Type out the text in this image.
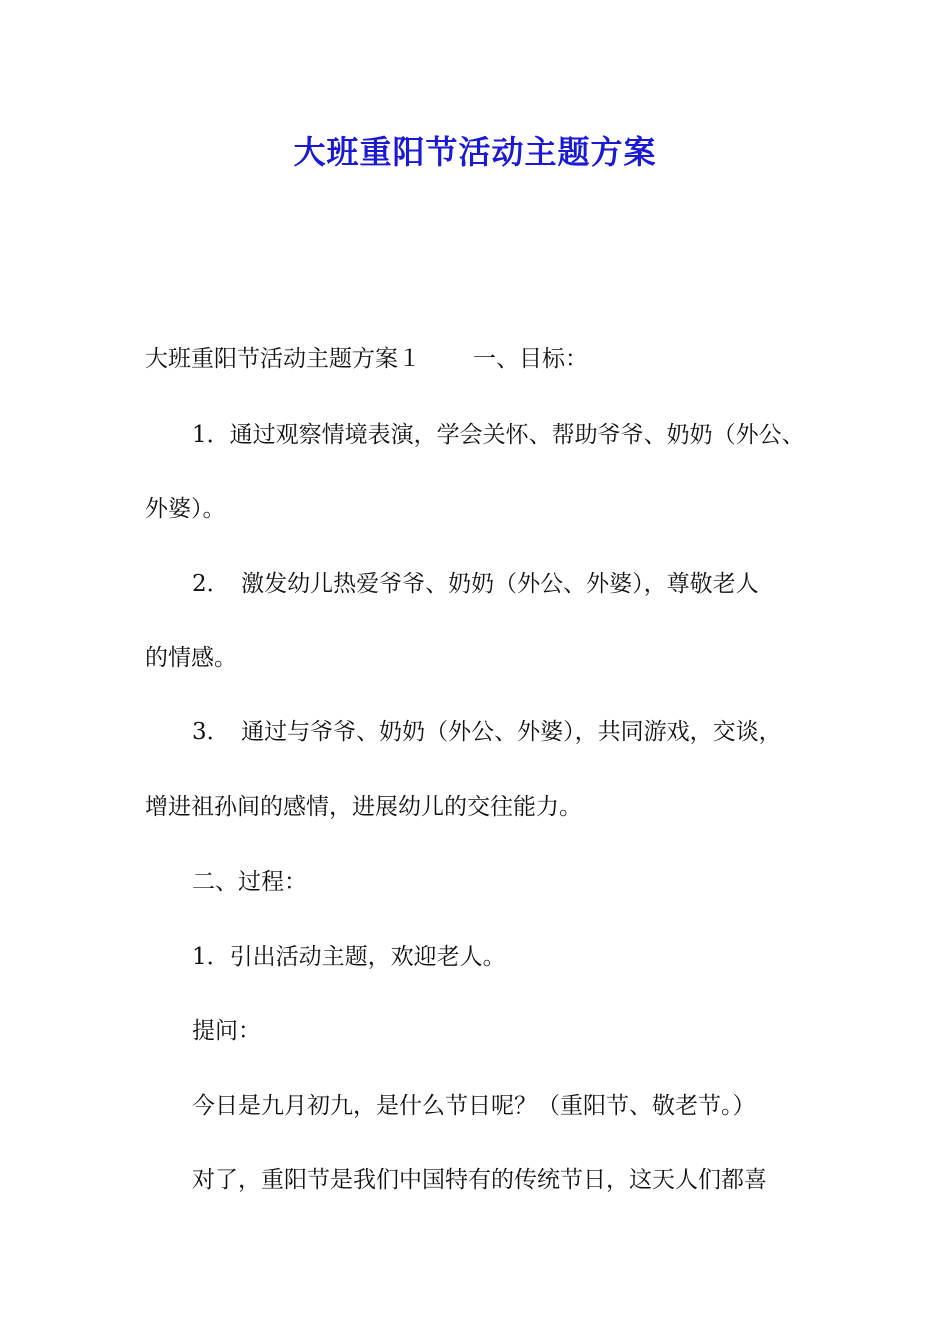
大班重阳节活动主题方案

大班重阳节活动主题方案１ 一、目标：

1．通过观察情境表演，学会关怀、帮助爷爷、奶奶（外公、

外婆）。

2．　激发幼儿热爱爷爷、奶奶（外公、外婆），尊敬老人

的情感。

3．　通过与爷爷、奶奶（外公、外婆），共同游戏，交谈，

增进祖孙间的感情，进展幼儿的交往能力。

二、过程：

1．引出活动主题，欢迎老人。

提问：

今日是九月初九，是什么节日呢？（重阳节、敬老节。）

对了，重阳节是我们中国特有的传统节日，这天人们都喜
